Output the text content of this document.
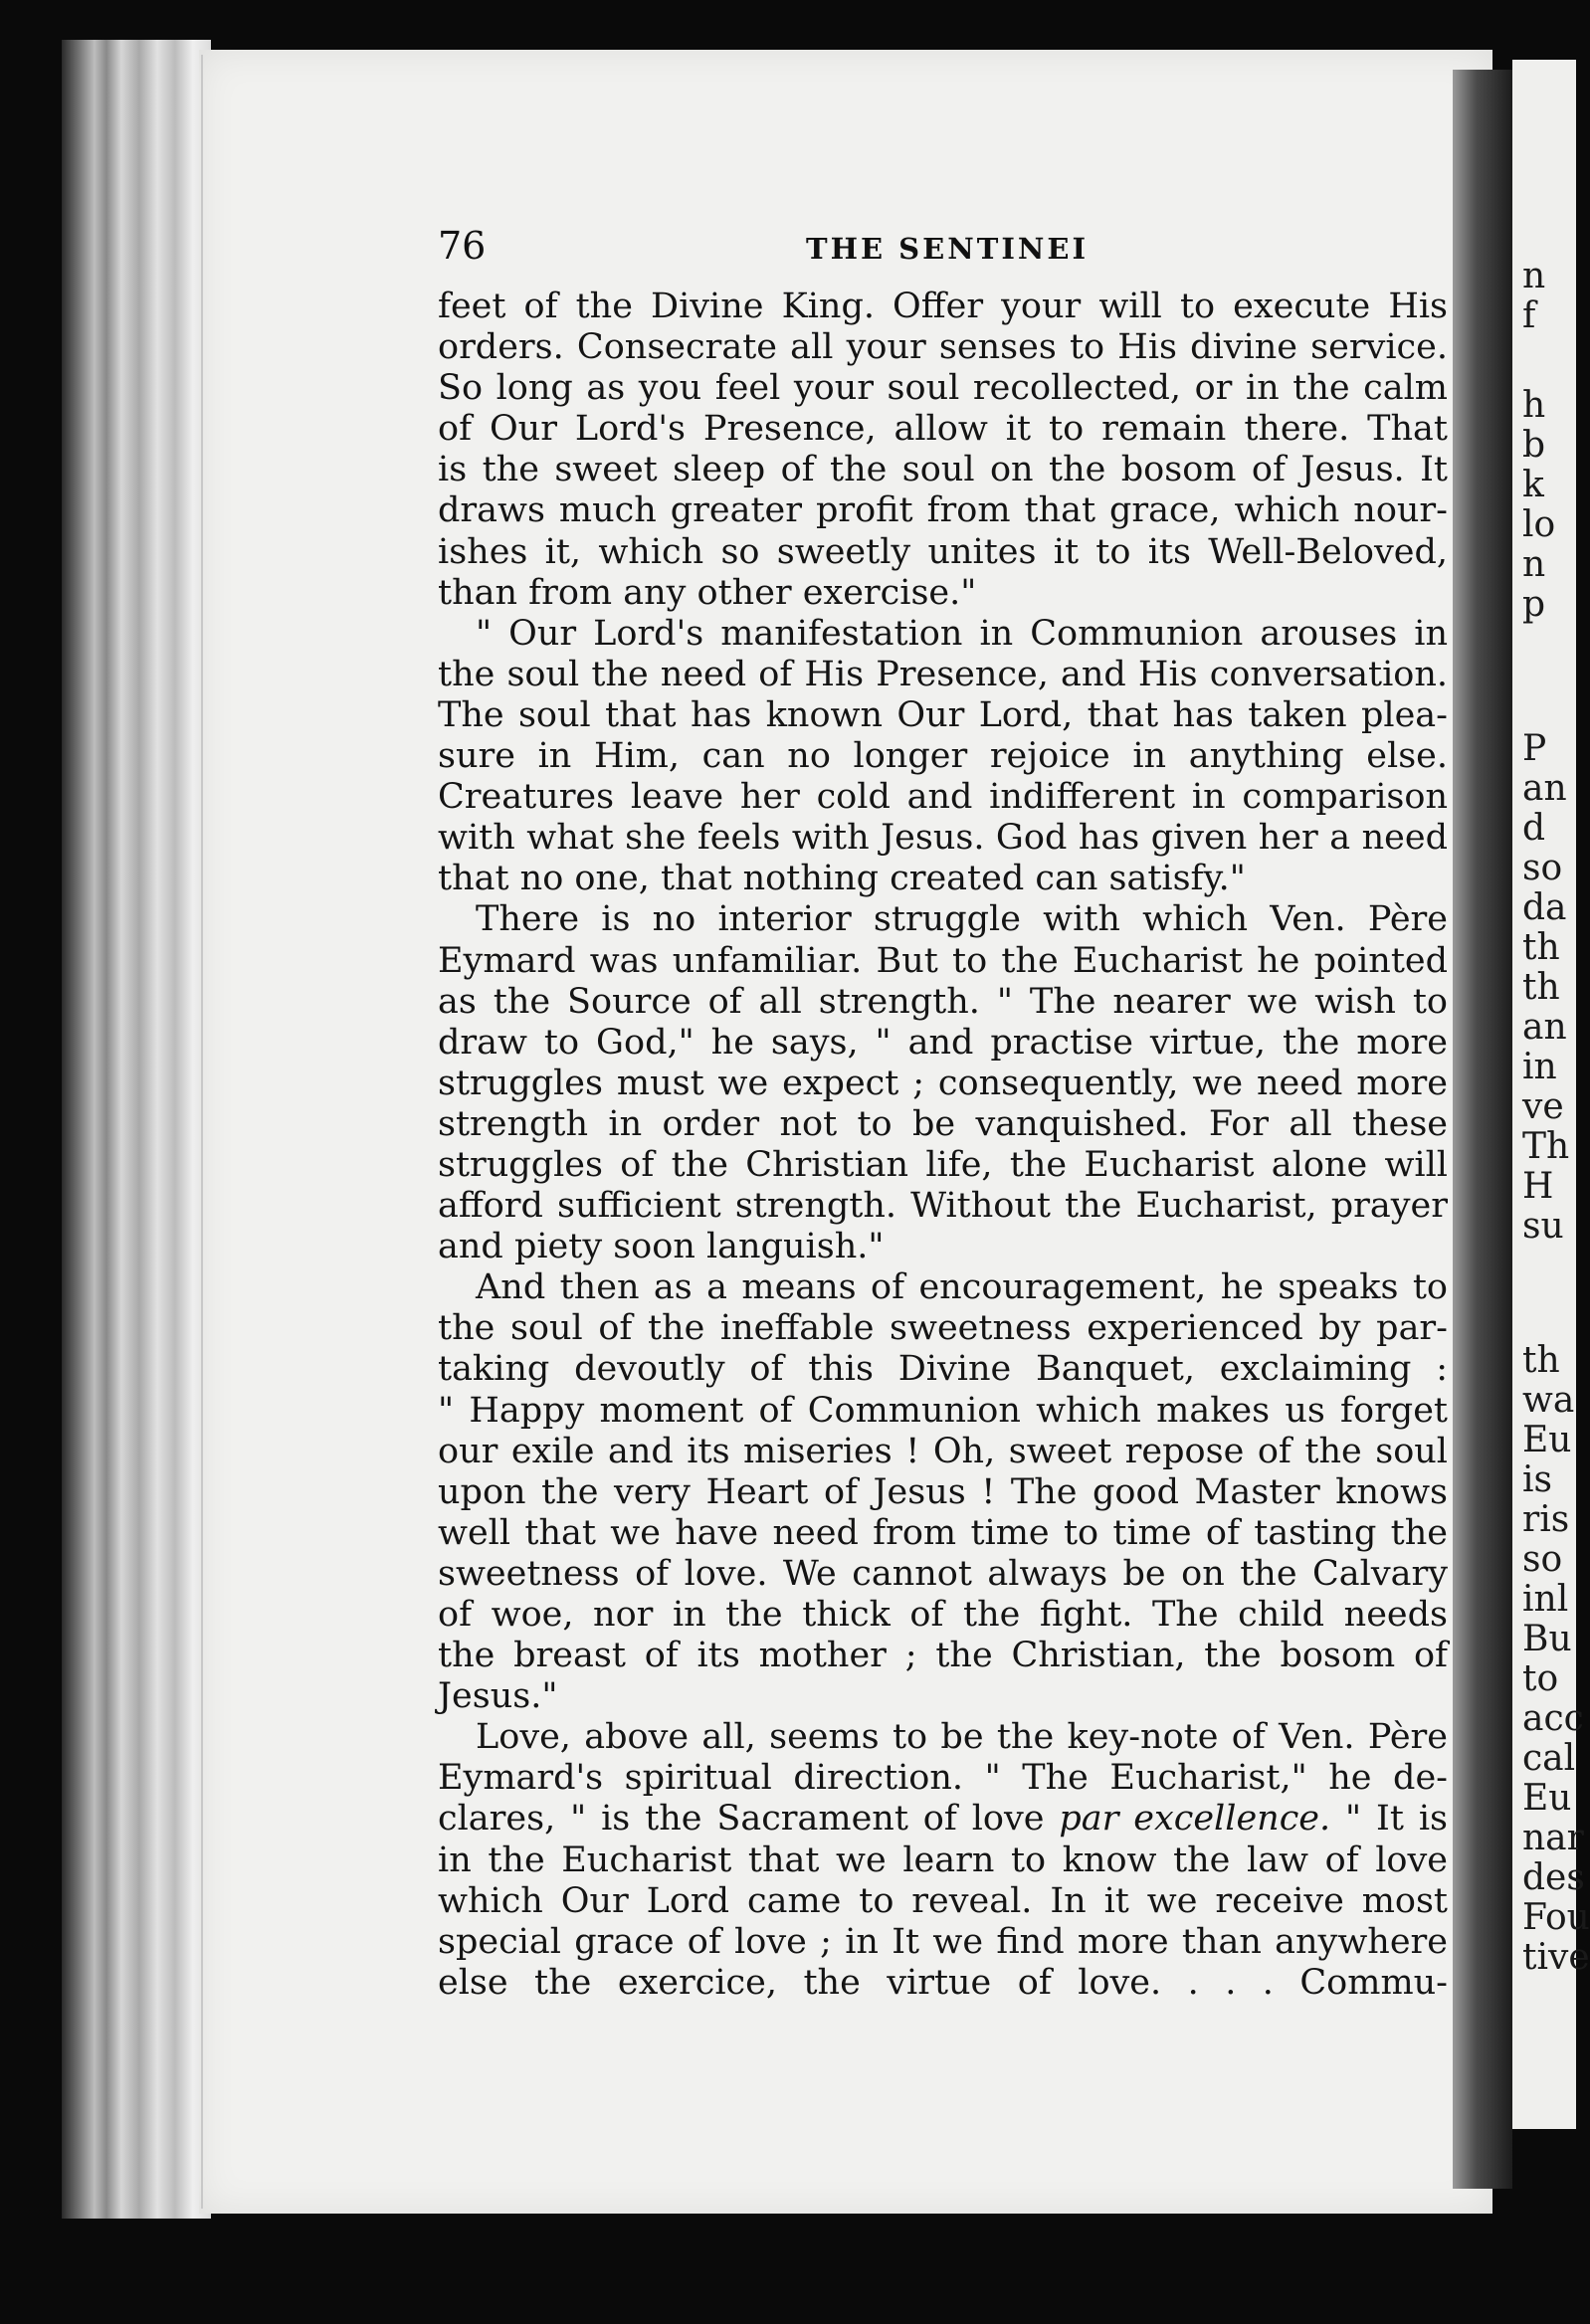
n
f
h
b
k
lo
n
p
P
an
d
so
da
th
th
an
in
ve
Th
H
su
th
wa
Eu
is
ris
so
inl
Bu
to
acc
cal
Eu
nar
des
Fou
tive
76	THE SENTINEI
feet of the Divine King. Offer your will to execute His
orders. Consecrate all your senses to His divine service.
So long as you feel your soul recollected, or in the calm
of Our Lord's Presence, allow it to remain there. That
is the sweet sleep of the soul on the bosom of Jesus. It
draws much greater profit from that grace, which nour-
ishes it, which so sweetly unites it to its Well-Beloved,
than from any other exercise."
" Our Lord's manifestation in Communion arouses in
the soul the need of His Presence, and His conversation.
The soul that has known Our Lord, that has taken plea-
sure in Him, can no longer rejoice in anything else.
Creatures leave her cold and indifferent in comparison
with what she feels with Jesus. God has given her a need
that no one, that nothing created can satisfy."
There is no interior struggle with which Ven. Père
Eymard was unfamiliar. But to the Eucharist he pointed
as the Source of all strength. " The nearer we wish to
draw to God," he says, " and practise virtue, the more
struggles must we expect ; consequently, we need more
strength in order not to be vanquished. For all these
struggles of the Christian life, the Eucharist alone will
afford sufficient strength. Without the Eucharist, prayer
and piety soon languish."
And then as a means of encouragement, he speaks to
the soul of the ineffable sweetness experienced by par-
taking devoutly of this Divine Banquet, exclaiming :
" Happy moment of Communion which makes us forget
our exile and its miseries ! Oh, sweet repose of the soul
upon the very Heart of Jesus ! The good Master knows
well that we have need from time to time of tasting the
sweetness of love. We cannot always be on the Calvary
of woe, nor in the thick of the fight. The child needs
the breast of its mother ; the Christian, the bosom of
Jesus."
Love, above all, seems to be the key-note of Ven. Père
Eymard's spiritual direction. " The Eucharist," he de-
clares, " is the Sacrament of love par excellence. " It is
in the Eucharist that we learn to know the law of love
which Our Lord came to reveal. In it we receive most
special grace of love ; in It we find more than anywhere
else the exercice, the virtue of love. . . . Commu-
